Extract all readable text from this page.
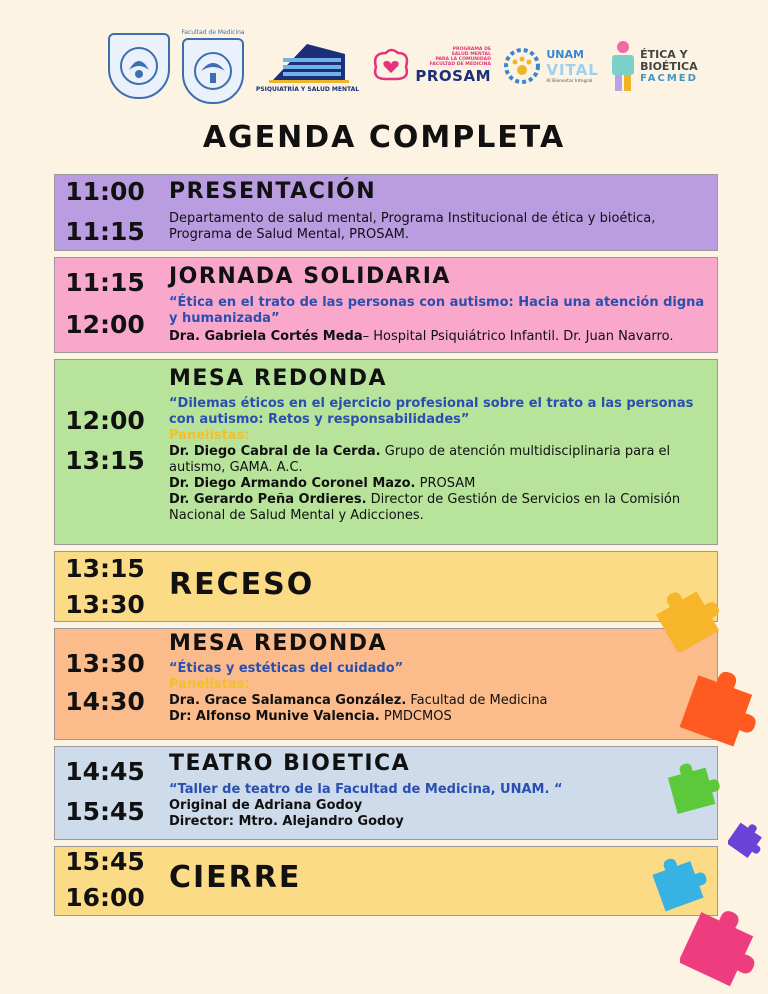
Facultad de Medicina
PSIQUIATRÍA Y SALUD MENTAL
PROGRAMA DE
SALUD MENTAL
PARA LA COMUNIDAD
FACULTAD DE MEDICINA
PROSAM
UNAM
VITAL
Al Bienestar Integral
ÉTICA Y
BIOÉTICA
FACMED
AGENDA COMPLETA
11:00
11:15
PRESENTACIÓN
Departamento de salud mental, Programa Institucional de ética y bioética, Programa de Salud Mental, PROSAM.
11:15
12:00
JORNADA SOLIDARIA
“Ética en el trato de las personas con autismo: Hacia una atención digna y humanizada”
Dra. Gabriela Cortés Meda– Hospital Psiquiátrico Infantil. Dr. Juan Navarro.
12:00
13:15
MESA REDONDA
“Dilemas éticos en el ejercicio profesional sobre el trato a las personas con autismo: Retos y responsabilidades”
Panelistas:
Dr. Diego Cabral de la Cerda. Grupo de atención multidisciplinaria para el autismo, GAMA. A.C.
Dr. Diego Armando Coronel Mazo. PROSAM
Dr. Gerardo Peña Ordieres. Director de Gestión de Servicios en la Comisión Nacional de Salud Mental y Adicciones.
13:15
13:30
RECESO
13:30
14:30
MESA REDONDA
“Éticas y estéticas del cuidado”
Panelistas:
Dra. Grace Salamanca González. Facultad de Medicina
Dr: Alfonso Munive Valencia. PMDCMOS
14:45
15:45
TEATRO BIOETICA
“Taller de teatro de la Facultad de Medicina, UNAM. “
Original de Adriana Godoy
Director: Mtro. Alejandro Godoy
15:45
16:00
CIERRE
